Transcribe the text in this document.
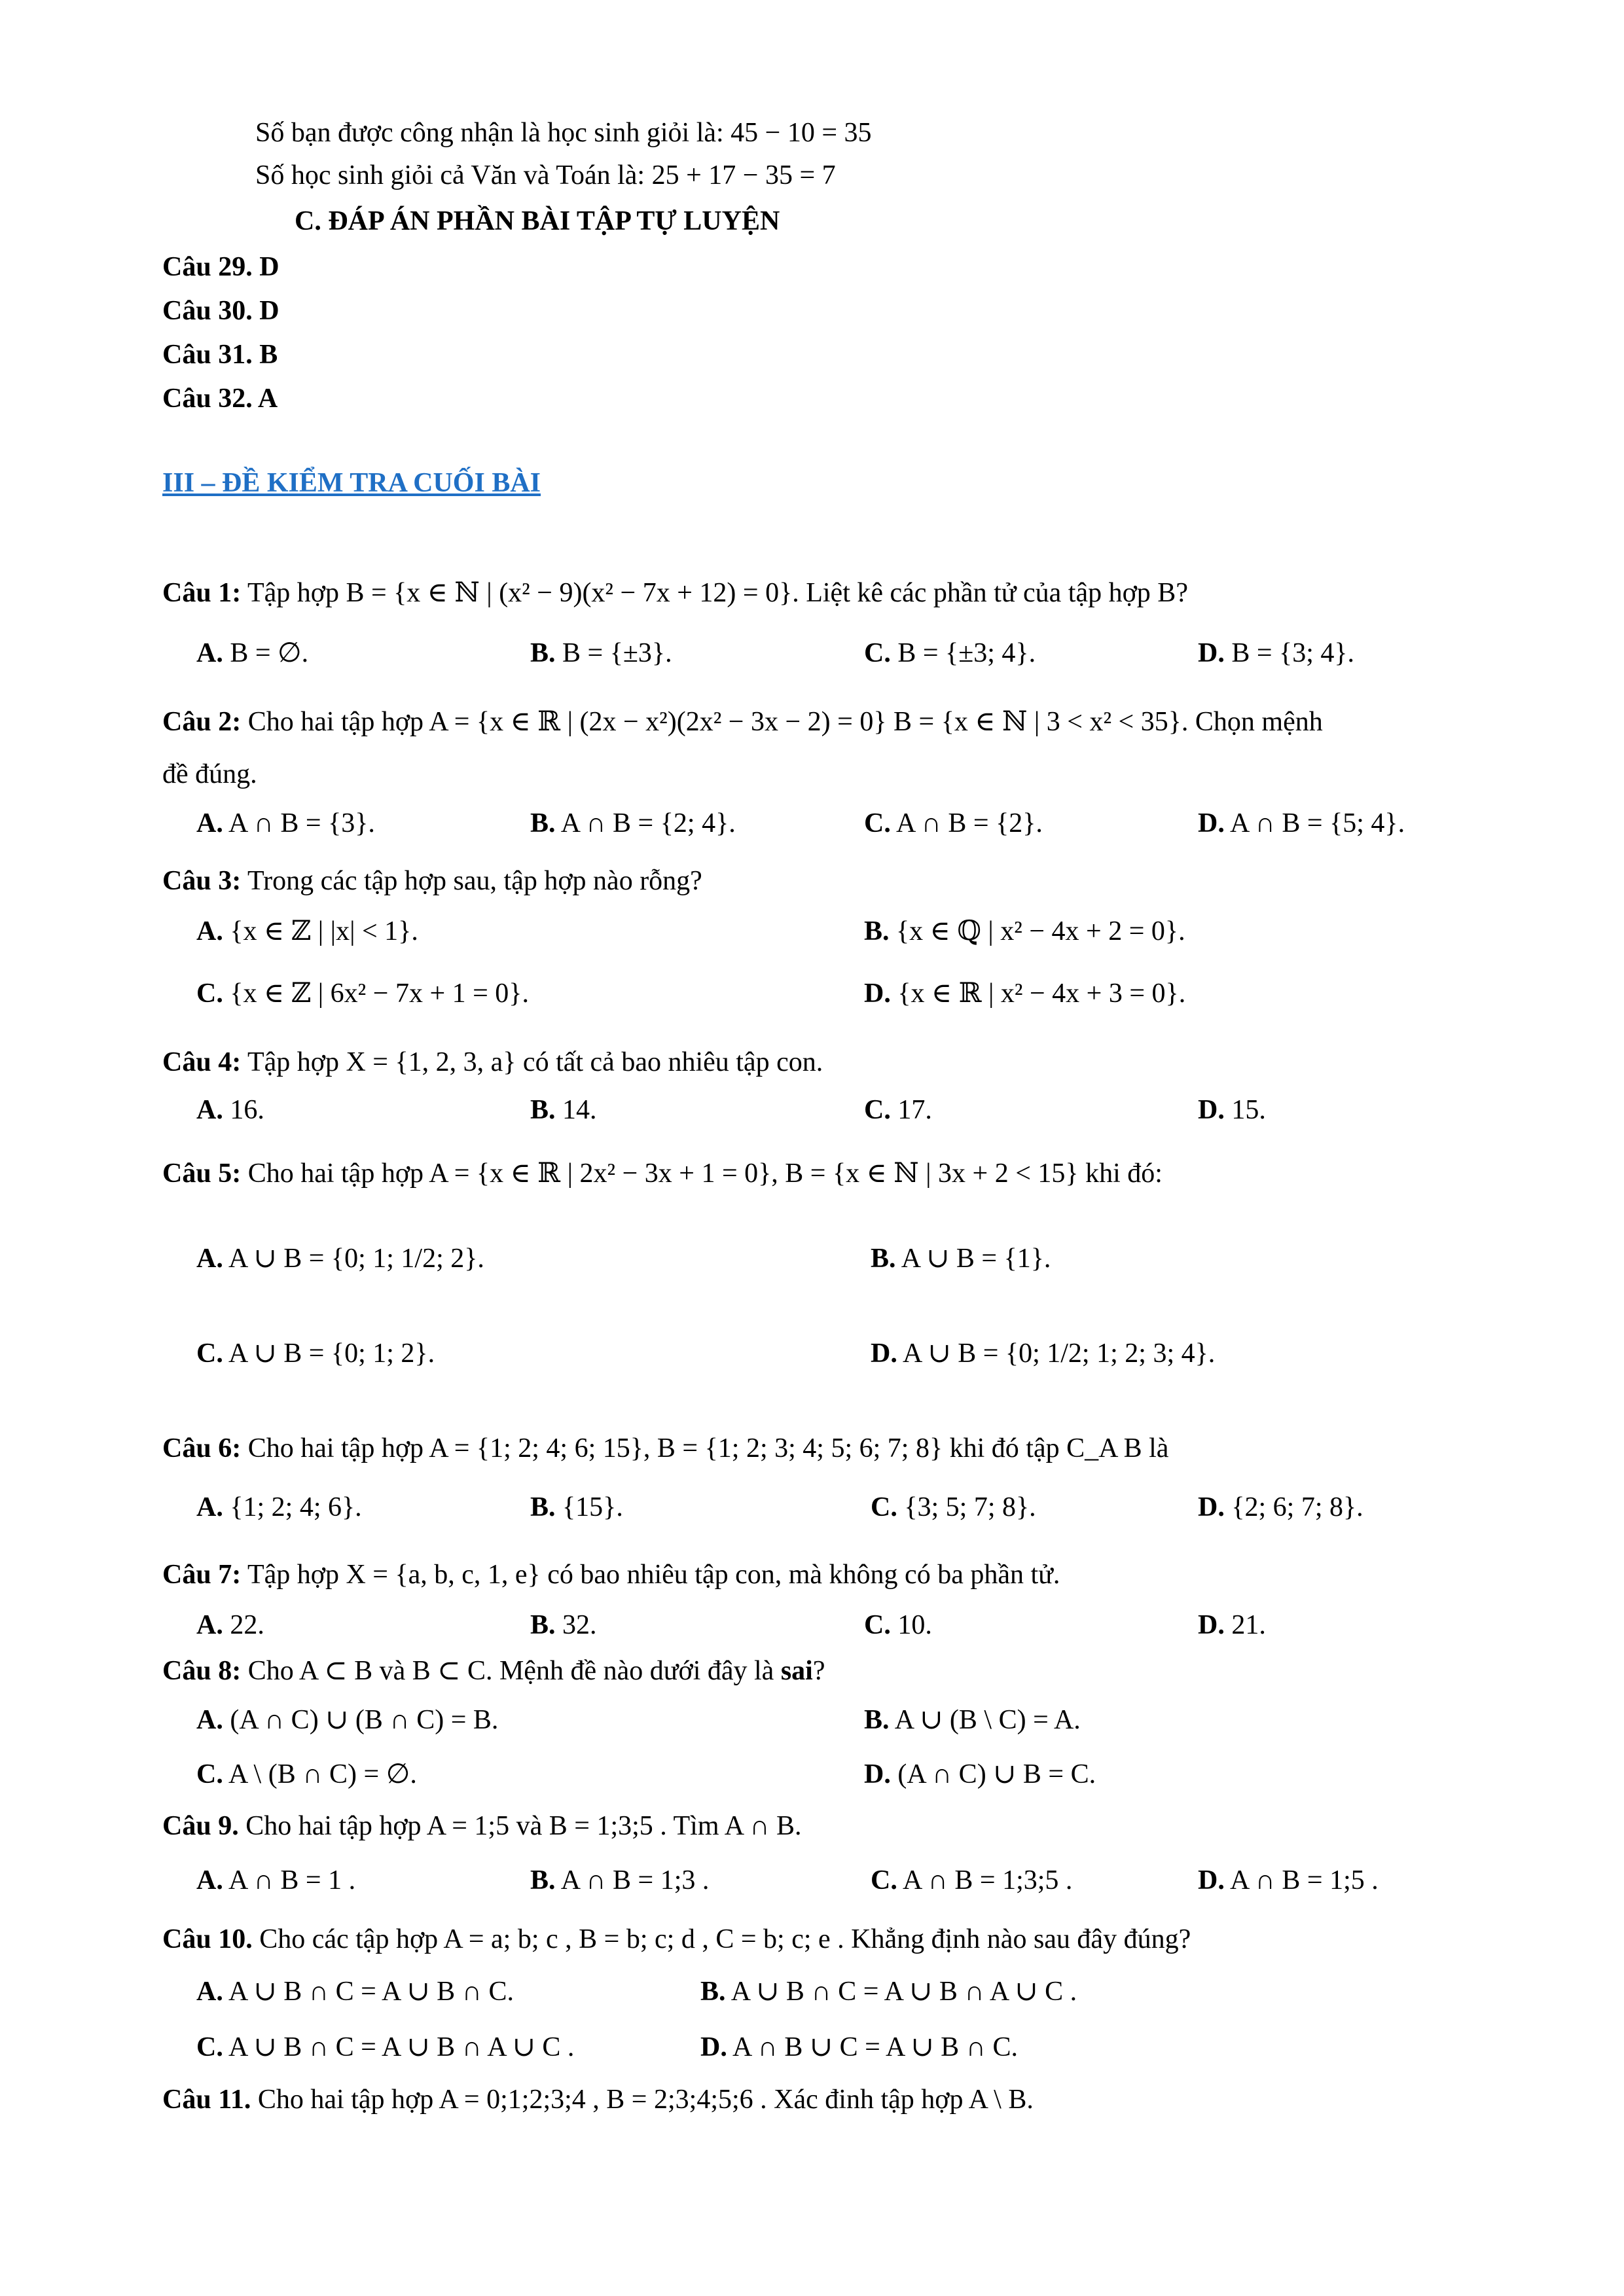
Số bạn được công nhận là học sinh giỏi là: 45 − 10 = 35
Số học sinh giỏi cả Văn và Toán là: 25 + 17 − 35 = 7
C. ĐÁP ÁN PHẦN BÀI TẬP TỰ LUYỆN
Câu 29. D
Câu 30. D
Câu 31. B
Câu 32. A
III – ĐỀ KIỂM TRA CUỐI BÀI
Câu 1: Tập hợp B = {x ∈ ℕ | (x² − 9)(x² − 7x + 12) = 0}. Liệt kê các phần tử của tập hợp B?
A. B = ∅.	B. B = {±3}.	C. B = {±3; 4}.	D. B = {3; 4}.
Câu 2: Cho hai tập hợp A = {x ∈ ℝ | (2x − x²)(2x² − 3x − 2) = 0} B = {x ∈ ℕ | 3 < x² < 35}. Chọn mệnh
đề đúng.
A. A ∩ B = {3}.	B. A ∩ B = {2; 4}.	C. A ∩ B = {2}.	D. A ∩ B = {5; 4}.
Câu 3: Trong các tập hợp sau, tập hợp nào rỗng?
A. {x ∈ ℤ | |x| < 1}.	B. {x ∈ ℚ | x² − 4x + 2 = 0}.
C. {x ∈ ℤ | 6x² − 7x + 1 = 0}.	D. {x ∈ ℝ | x² − 4x + 3 = 0}.
Câu 4: Tập hợp X = {1, 2, 3, a} có tất cả bao nhiêu tập con.
A. 16.	B. 14.	C. 17.	D. 15.
Câu 5: Cho hai tập hợp A = {x ∈ ℝ | 2x² − 3x + 1 = 0}, B = {x ∈ ℕ | 3x + 2 < 15} khi đó:
A. A ∪ B = {0; 1; 1/2; 2}.	B. A ∪ B = {1}.
C. A ∪ B = {0; 1; 2}.	D. A ∪ B = {0; 1/2; 1; 2; 3; 4}.
Câu 6: Cho hai tập hợp A = {1; 2; 4; 6; 15}, B = {1; 2; 3; 4; 5; 6; 7; 8} khi đó tập C_A B là
A. {1; 2; 4; 6}.	B. {15}.	C. {3; 5; 7; 8}.	D. {2; 6; 7; 8}.
Câu 7: Tập hợp X = {a, b, c, 1, e} có bao nhiêu tập con, mà không có ba phần tử.
A. 22.	B. 32.	C. 10.	D. 21.
Câu 8: Cho A ⊂ B và B ⊂ C. Mệnh đề nào dưới đây là sai?
A. (A ∩ C) ∪ (B ∩ C) = B.	B. A ∪ (B \ C) = A.
C. A \ (B ∩ C) = ∅.	D. (A ∩ C) ∪ B = C.
Câu 9. Cho hai tập hợp A = 1;5 và B = 1;3;5 . Tìm A ∩ B.
A. A ∩ B = 1 .	B. A ∩ B = 1;3 .	C. A ∩ B = 1;3;5 .	D. A ∩ B = 1;5 .
Câu 10. Cho các tập hợp A = a; b; c , B = b; c; d , C = b; c; e . Khẳng định nào sau đây đúng?
A. A ∪ B ∩ C = A ∪ B ∩ C.	B. A ∪ B ∩ C = A ∪ B ∩ A ∪ C .
C. A ∪ B ∩ C = A ∪ B ∩ A ∪ C .	D. A ∩ B ∪ C = A ∪ B ∩ C.
Câu 11. Cho hai tập hợp A = 0;1;2;3;4 , B = 2;3;4;5;6 . Xác đinh tập hợp A \ B.
